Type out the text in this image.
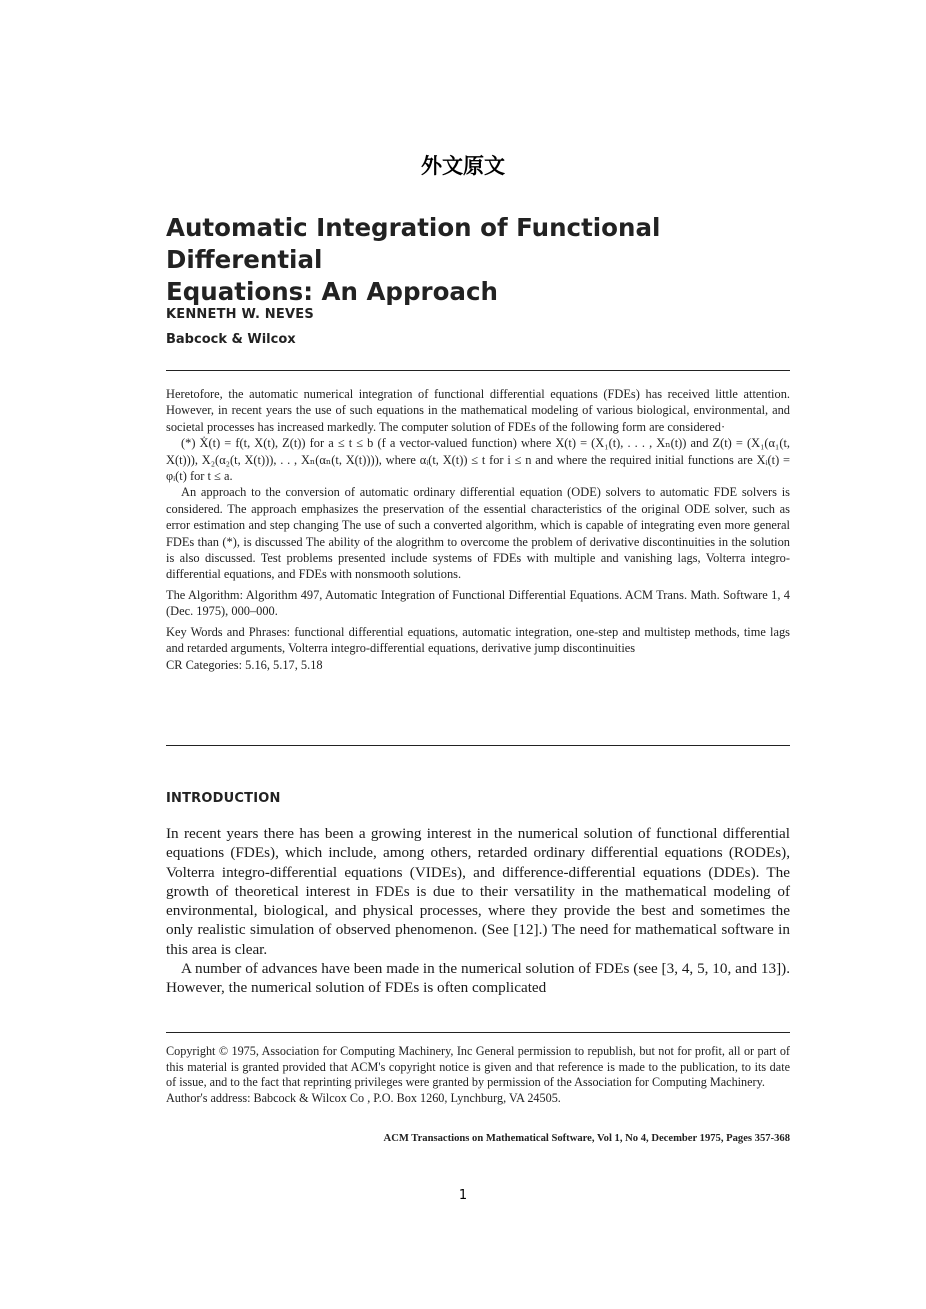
外文原文
Automatic Integration of Functional Differential
Equations: An Approach
KENNETH W. NEVES
Babcock & Wilcox

Heretofore, the automatic numerical integration of functional differential equations (FDEs) has received little attention. However, in recent years the use of such equations in the mathematical modeling of various biological, environmental, and societal processes has increased markedly. The computer solution of FDEs of the following form are considered·

(*) Ẋ(t) = f(t, X(t), Z(t)) for a ≤ t ≤ b (f a vector-valued function) where X(t) = (X₁(t), . . . , Xₙ(t)) and Z(t) = (X₁(α₁(t, X(t))), X₂(α₂(t, X(t))), . . , Xₙ(αₙ(t, X(t)))), where αᵢ(t, X(t)) ≤ t for i ≤ n and where the required initial functions are Xᵢ(t) = φᵢ(t) for t ≤ a.

An approach to the conversion of automatic ordinary differential equation (ODE) solvers to automatic FDE solvers is considered. The approach emphasizes the preservation of the essential characteristics of the original ODE solver, such as error estimation and step changing The use of such a converted algorithm, which is capable of integrating even more general FDEs than (*), is discussed The ability of the alogrithm to overcome the problem of derivative discontinuities in the solution is also discussed. Test problems presented include systems of FDEs with multiple and vanishing lags, Volterra integro-differential equations, and FDEs with nonsmooth solutions.

The Algorithm: Algorithm 497, Automatic Integration of Functional Differential Equations. ACM Trans. Math. Software 1, 4 (Dec. 1975), 000–000.

Key Words and Phrases: functional differential equations, automatic integration, one-step and multistep methods, time lags and retarded arguments, Volterra integro-differential equations, derivative jump discontinuities

CR Categories: 5.16, 5.17, 5.18

INTRODUCTION

In recent years there has been a growing interest in the numerical solution of functional differential equations (FDEs), which include, among others, retarded ordinary differential equations (RODEs), Volterra integro-differential equations (VIDEs), and difference-differential equations (DDEs). The growth of theoretical interest in FDEs is due to their versatility in the mathematical modeling of environmental, biological, and physical processes, where they provide the best and sometimes the only realistic simulation of observed phenomenon. (See [12].) The need for mathematical software in this area is clear.

A number of advances have been made in the numerical solution of FDEs (see [3, 4, 5, 10, and 13]). However, the numerical solution of FDEs is often complicated

Copyright © 1975, Association for Computing Machinery, Inc General permission to republish, but not for profit, all or part of this material is granted provided that ACM's copyright notice is given and that reference is made to the publication, to its date of issue, and to the fact that reprinting privileges were granted by permission of the Association for Computing Machinery.

Author's address: Babcock & Wilcox Co , P.O. Box 1260, Lynchburg, VA 24505.

ACM Transactions on Mathematical Software, Vol 1, No 4, December 1975, Pages 357-368
1
